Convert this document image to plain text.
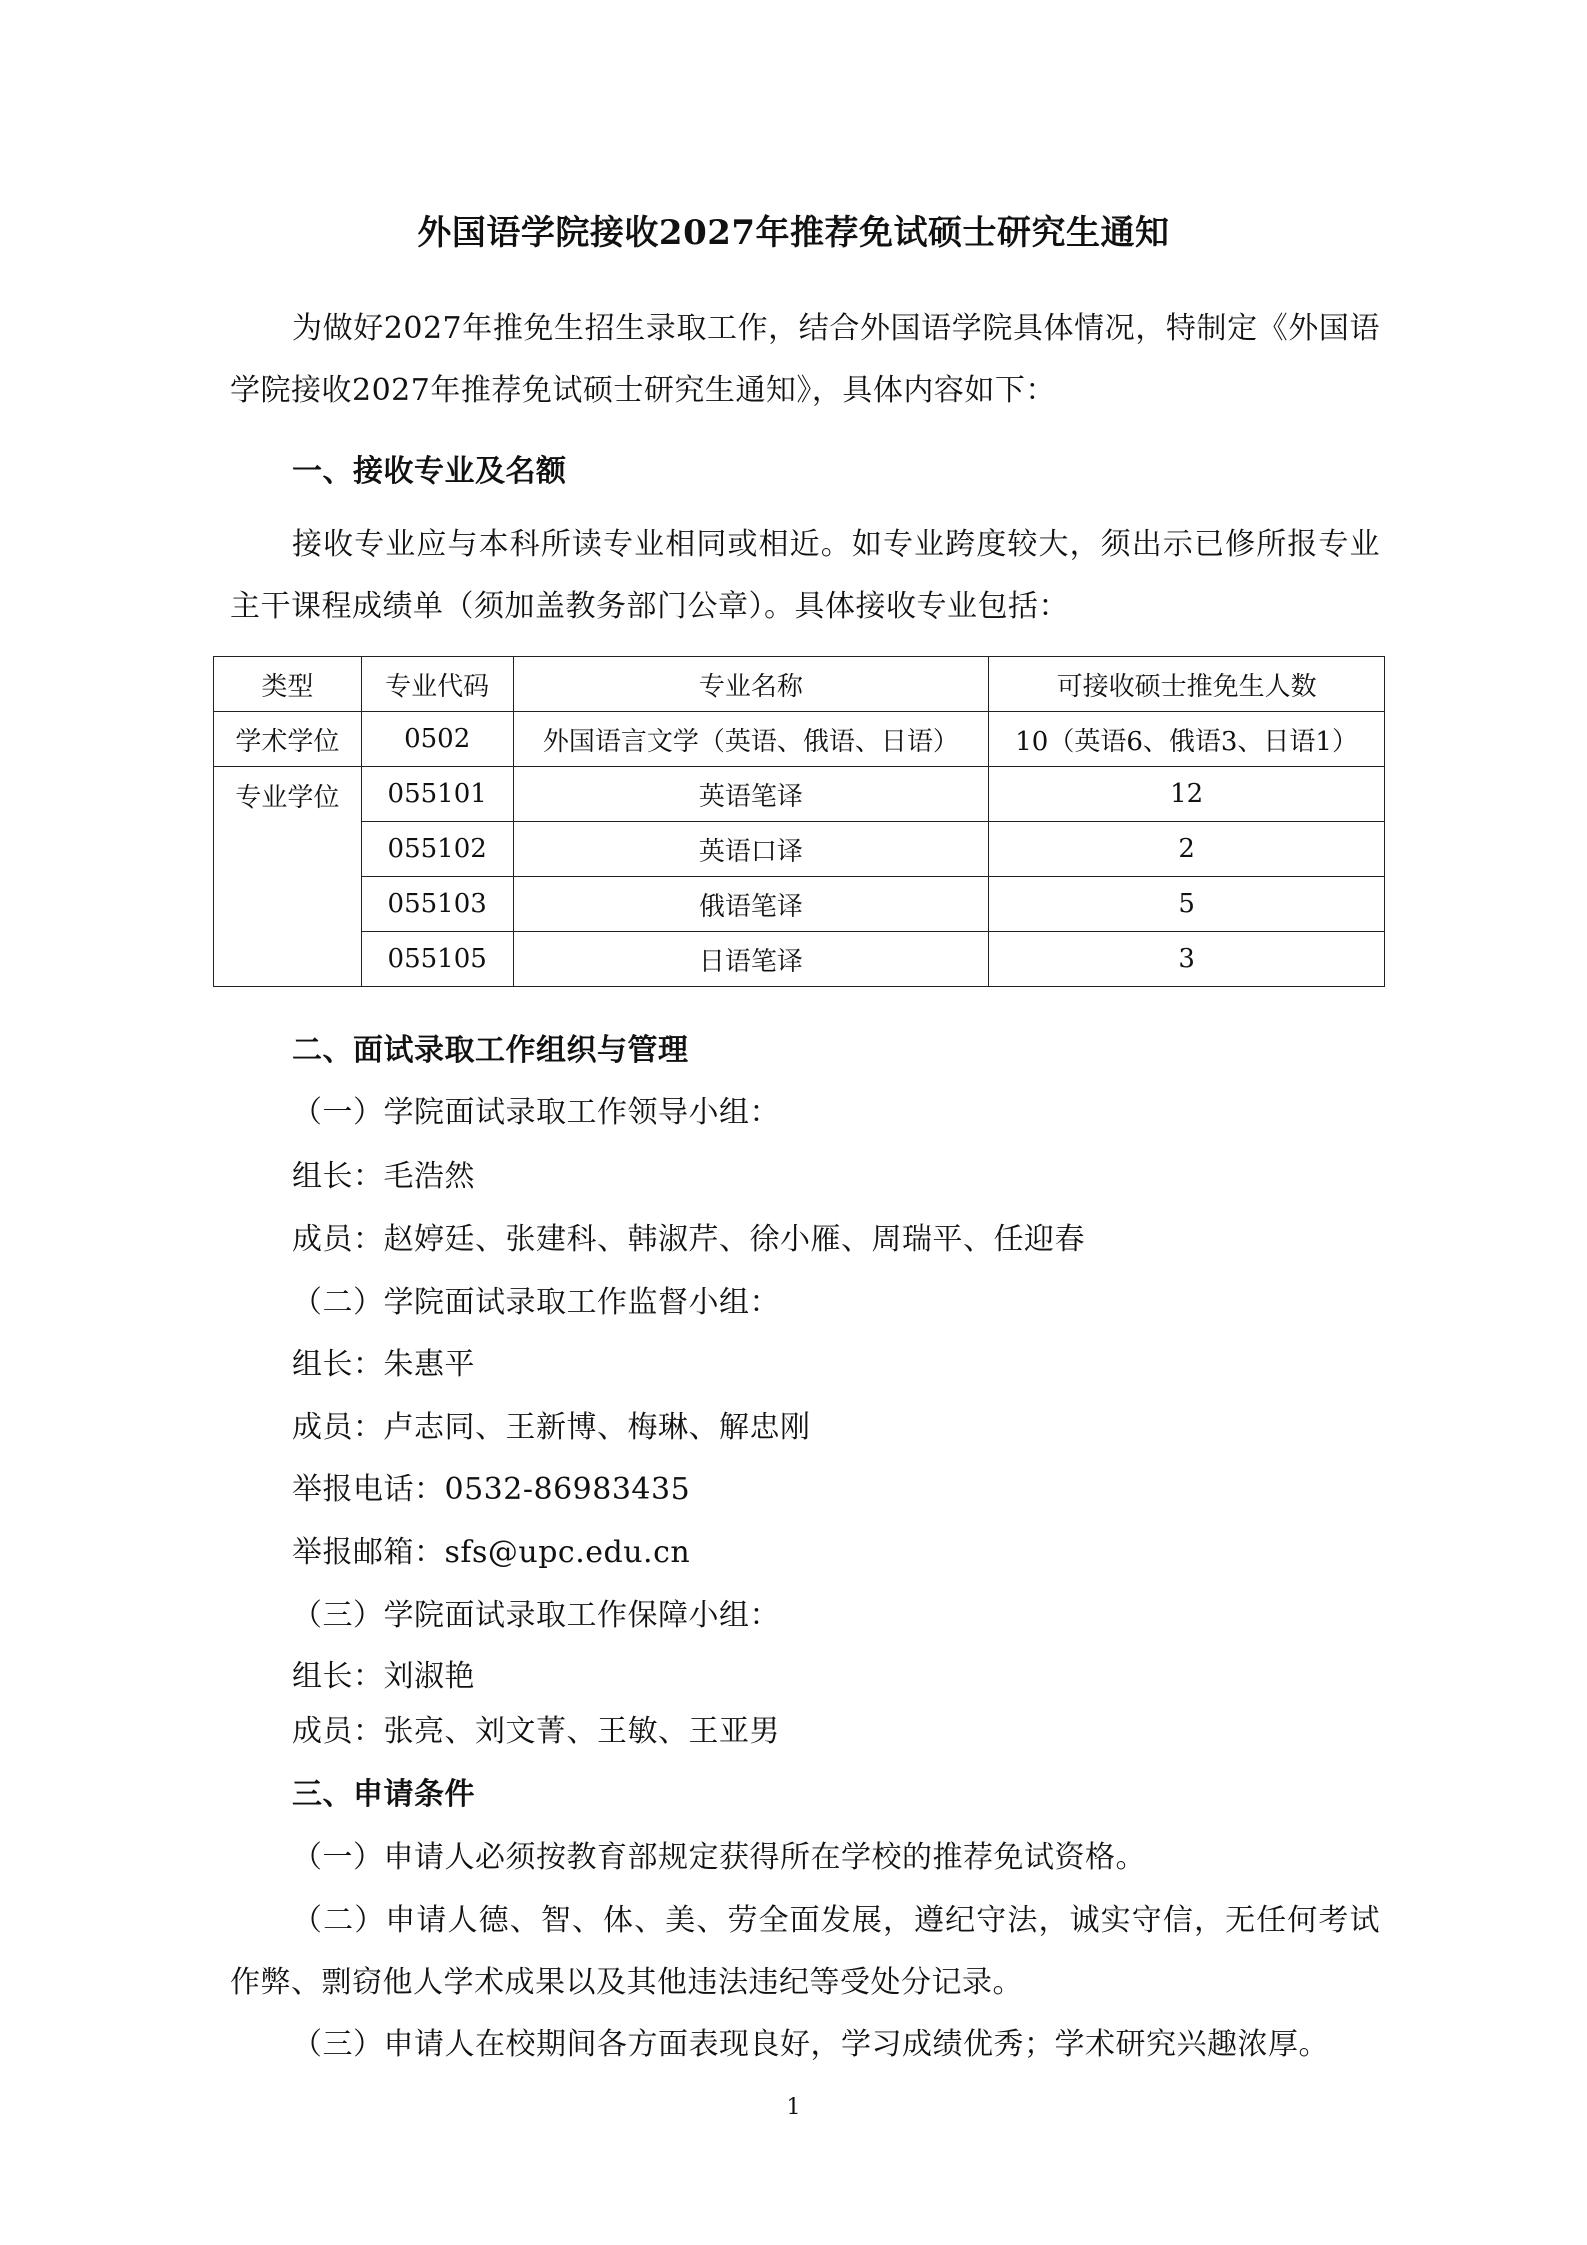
外国语学院接收2027年推荐免试硕士研究生通知
为做好2027年推免生招生录取工作，结合外国语学院具体情况，特制定《外国语学院接收2027年推荐免试硕士研究生通知》，具体内容如下：
一、接收专业及名额
接收专业应与本科所读专业相同或相近。如专业跨度较大，须出示已修所报专业主干课程成绩单（须加盖教务部门公章）。具体接收专业包括：
类型	专业代码	专业名称	可接收硕士推免生人数
学术学位	0502	外国语言文学（英语、俄语、日语）	10（英语6、俄语3、日语1）
专业学位	055101	英语笔译	12
	055102	英语口译	2
	055103	俄语笔译	5
	055105	日语笔译	3
二、面试录取工作组织与管理
（一）学院面试录取工作领导小组：
组长：毛浩然
成员：赵婷廷、张建科、韩淑芹、徐小雁、周瑞平、任迎春
（二）学院面试录取工作监督小组：
组长：朱惠平
成员：卢志同、王新博、梅琳、解忠刚
举报电话：0532-86983435
举报邮箱：sfs@upc.edu.cn
（三）学院面试录取工作保障小组：
组长：刘淑艳
成员：张亮、刘文菁、王敏、王亚男
三、申请条件
（一）申请人必须按教育部规定获得所在学校的推荐免试资格。
（二）申请人德、智、体、美、劳全面发展，遵纪守法，诚实守信，无任何考试作弊、剽窃他人学术成果以及其他违法违纪等受处分记录。
（三）申请人在校期间各方面表现良好，学习成绩优秀；学术研究兴趣浓厚。
1
